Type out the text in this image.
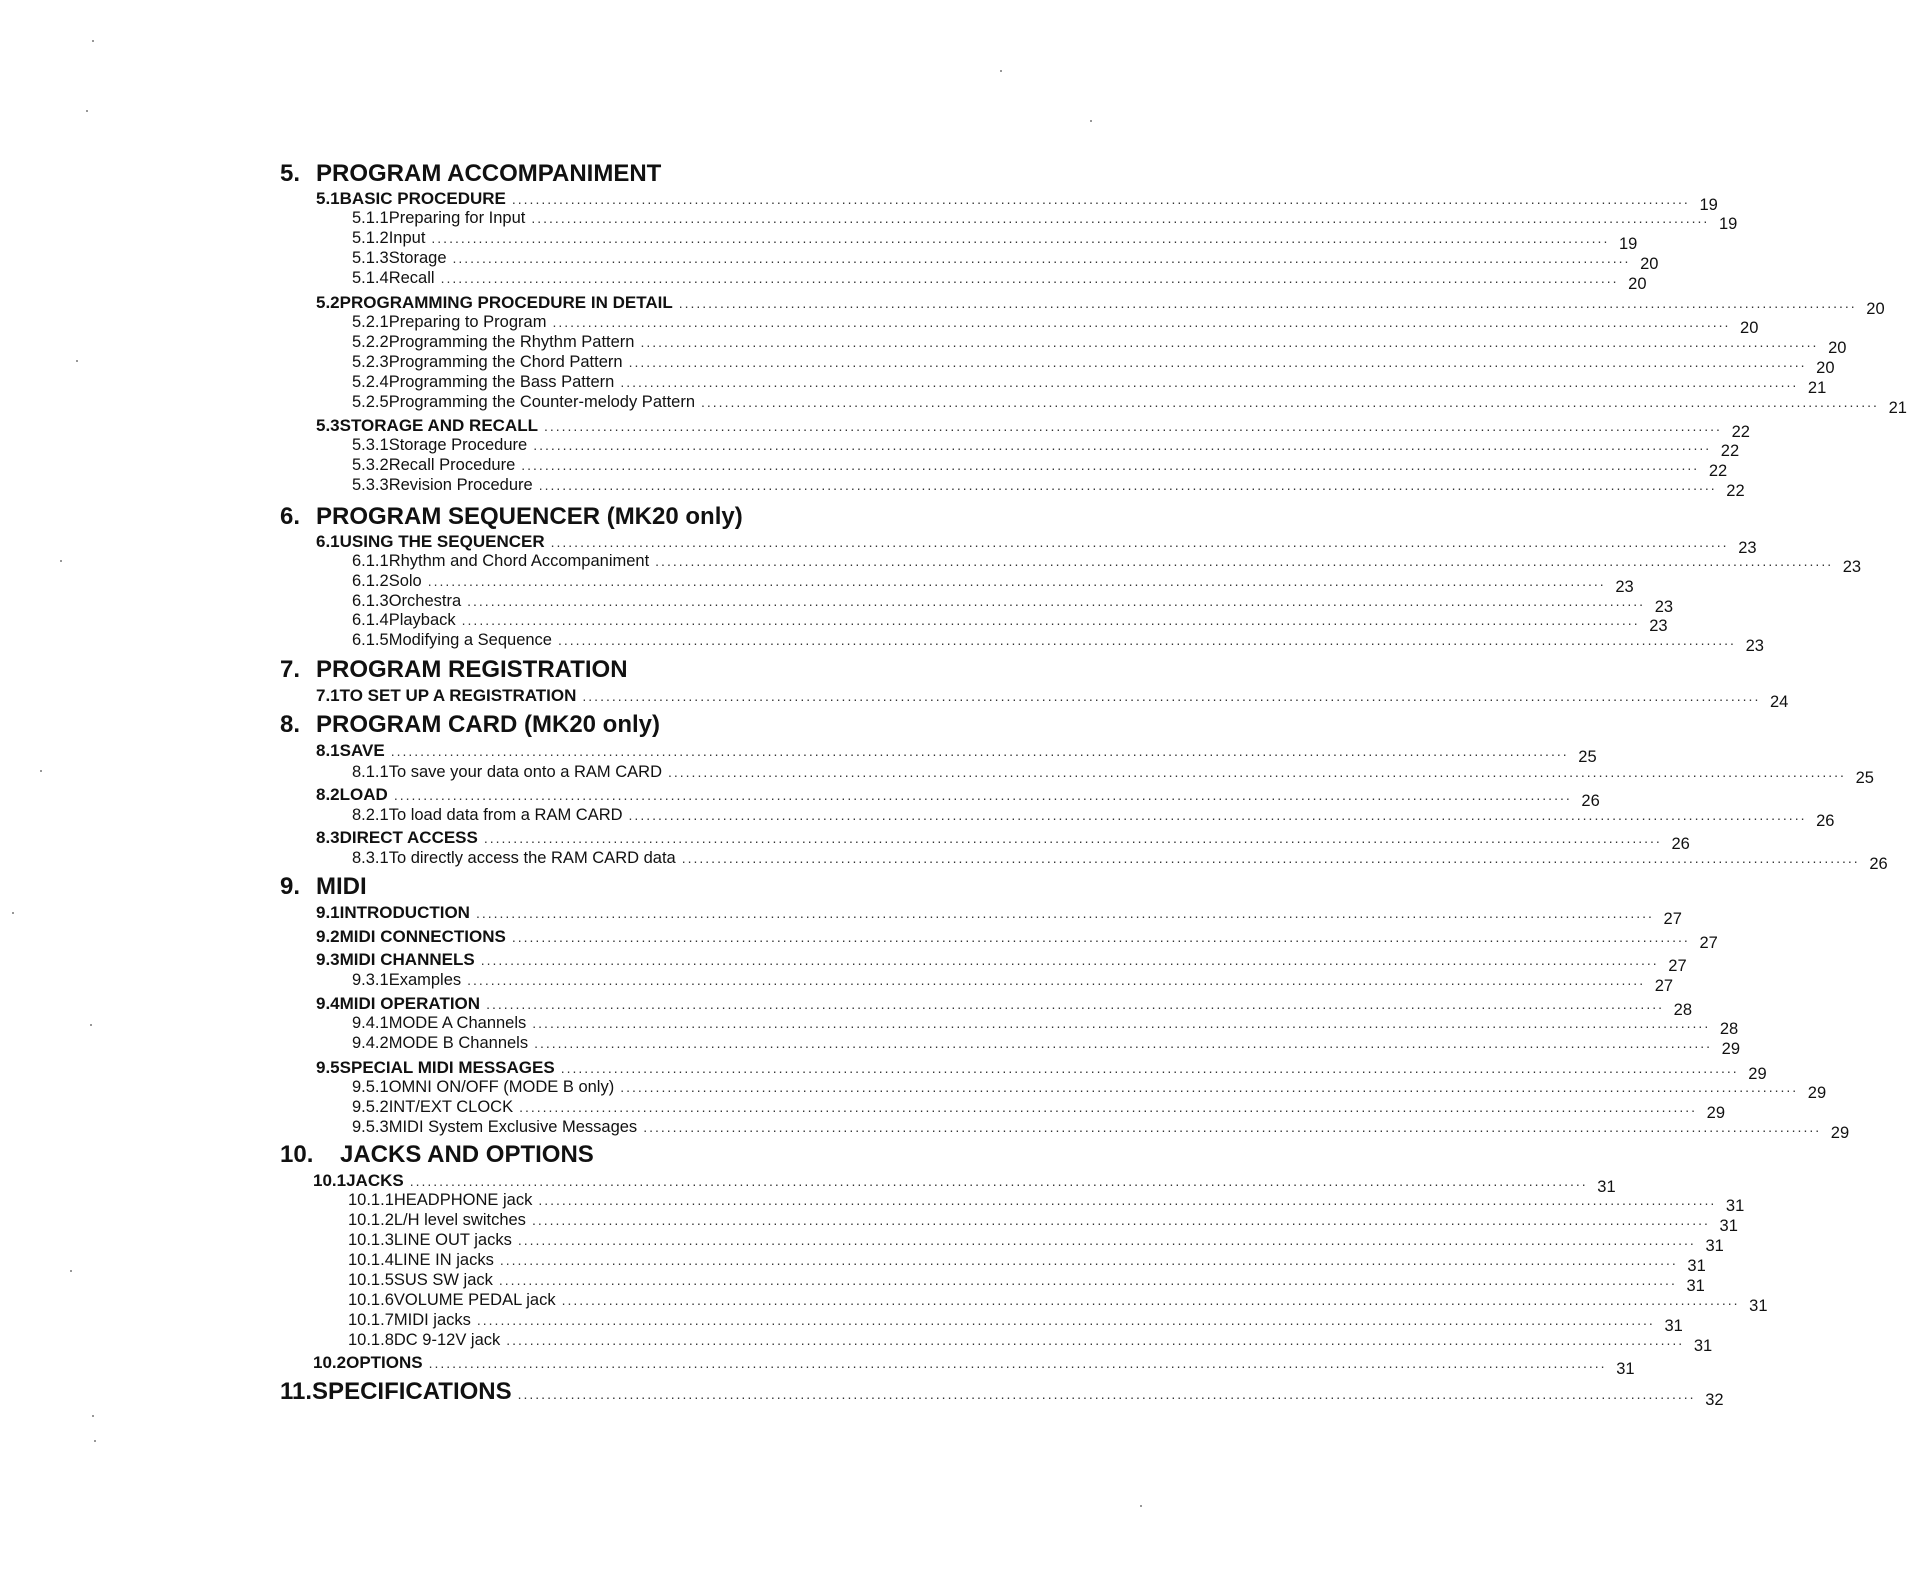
5. PROGRAM ACCOMPANIMENT
5.1 BASIC PROCEDURE ........................................................................................................................................................................................................ 19
5.1.1 Preparing for Input ........................................................................................................................................................................................................ 19
5.1.2 Input ........................................................................................................................................................................................................ 19
5.1.3 Storage ........................................................................................................................................................................................................ 20
5.1.4 Recall ........................................................................................................................................................................................................ 20
5.2 PROGRAMMING PROCEDURE IN DETAIL ........................................................................................................................................................................................................ 20
5.2.1 Preparing to Program ........................................................................................................................................................................................................ 20
5.2.2 Programming the Rhythm Pattern ........................................................................................................................................................................................................ 20
5.2.3 Programming the Chord Pattern ........................................................................................................................................................................................................ 20
5.2.4 Programming the Bass Pattern ........................................................................................................................................................................................................ 21
5.2.5 Programming the Counter-melody Pattern ........................................................................................................................................................................................................ 21
5.3 STORAGE AND RECALL ........................................................................................................................................................................................................ 22
5.3.1 Storage Procedure ........................................................................................................................................................................................................ 22
5.3.2 Recall Procedure ........................................................................................................................................................................................................ 22
5.3.3 Revision Procedure ........................................................................................................................................................................................................ 22
6. PROGRAM SEQUENCER (MK20 only)
6.1 USING THE SEQUENCER ........................................................................................................................................................................................................ 23
6.1.1 Rhythm and Chord Accompaniment ........................................................................................................................................................................................................ 23
6.1.2 Solo ........................................................................................................................................................................................................ 23
6.1.3 Orchestra ........................................................................................................................................................................................................ 23
6.1.4 Playback ........................................................................................................................................................................................................ 23
6.1.5 Modifying a Sequence ........................................................................................................................................................................................................ 23
7. PROGRAM REGISTRATION
7.1 TO SET UP A REGISTRATION ........................................................................................................................................................................................................ 24
8. PROGRAM CARD (MK20 only)
8.1 SAVE ........................................................................................................................................................................................................ 25
8.1.1 To save your data onto a RAM CARD ........................................................................................................................................................................................................ 25
8.2 LOAD ........................................................................................................................................................................................................ 26
8.2.1 To load data from a RAM CARD ........................................................................................................................................................................................................ 26
8.3 DIRECT ACCESS ........................................................................................................................................................................................................ 26
8.3.1 To directly access the RAM CARD data ........................................................................................................................................................................................................ 26
9. MIDI
9.1 INTRODUCTION ........................................................................................................................................................................................................ 27
9.2 MIDI CONNECTIONS ........................................................................................................................................................................................................ 27
9.3 MIDI CHANNELS ........................................................................................................................................................................................................ 27
9.3.1 Examples ........................................................................................................................................................................................................ 27
9.4 MIDI OPERATION ........................................................................................................................................................................................................ 28
9.4.1 MODE A Channels ........................................................................................................................................................................................................ 28
9.4.2 MODE B Channels ........................................................................................................................................................................................................ 29
9.5 SPECIAL MIDI MESSAGES ........................................................................................................................................................................................................ 29
9.5.1 OMNI ON/OFF (MODE B only) ........................................................................................................................................................................................................ 29
9.5.2 INT/EXT CLOCK ........................................................................................................................................................................................................ 29
9.5.3 MIDI System Exclusive Messages ........................................................................................................................................................................................................ 29
10.	JACKS AND OPTIONS
10.1 JACKS ........................................................................................................................................................................................................ 31
10.1.1 HEADPHONE jack ........................................................................................................................................................................................................ 31
10.1.2 L/H level switches ........................................................................................................................................................................................................ 31
10.1.3 LINE OUT jacks ........................................................................................................................................................................................................ 31
10.1.4 LINE IN jacks ........................................................................................................................................................................................................ 31
10.1.5 SUS SW jack ........................................................................................................................................................................................................ 31
10.1.6 VOLUME PEDAL jack ........................................................................................................................................................................................................ 31
10.1.7 MIDI jacks ........................................................................................................................................................................................................ 31
10.1.8 DC 9-12V jack ........................................................................................................................................................................................................ 31
10.2 OPTIONS ........................................................................................................................................................................................................ 31
11. SPECIFICATIONS ........................................................................................................................................................................................................ 32
